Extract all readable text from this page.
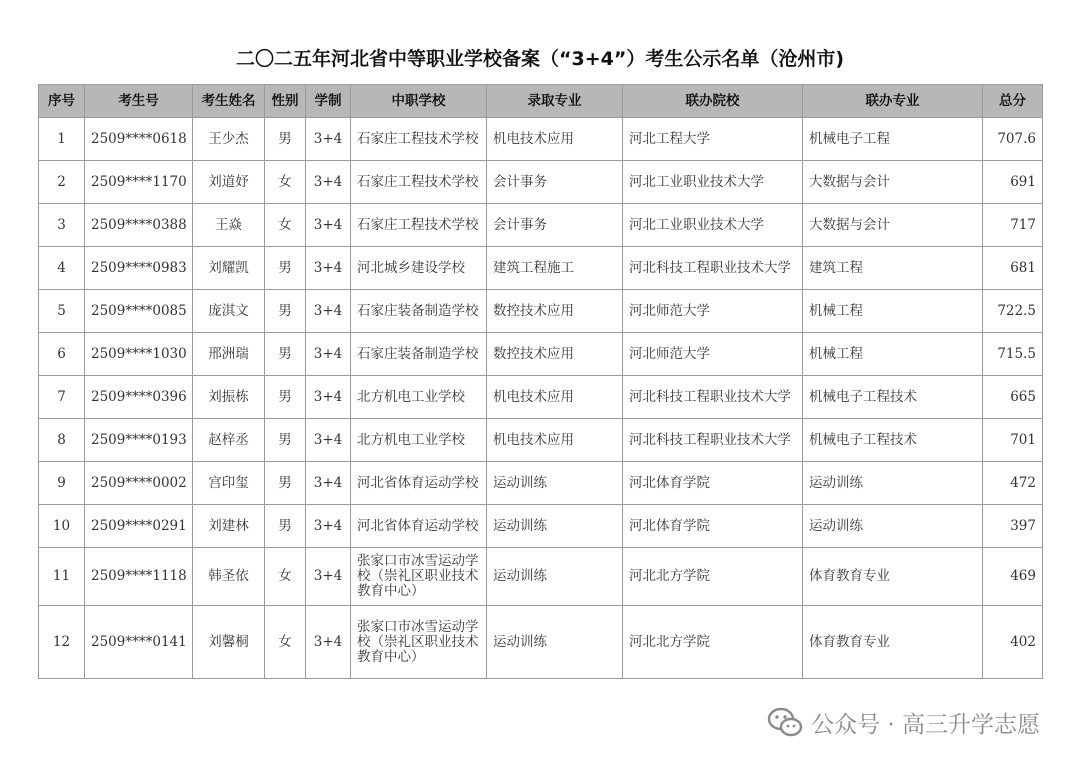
二〇二五年河北省中等职业学校备案（“3+4”）考生公示名单（沧州市)
序号	考生号	考生姓名	性别	学制	中职学校	录取专业	联办院校	联办专业	总分
1	2509****0618	王少杰	男	3+4	石家庄工程技术学校	机电技术应用	河北工程大学	机械电子工程	707.6
2	2509****1170	刘道妤	女	3+4	石家庄工程技术学校	会计事务	河北工业职业技术大学	大数据与会计	691
3	2509****0388	王焱	女	3+4	石家庄工程技术学校	会计事务	河北工业职业技术大学	大数据与会计	717
4	2509****0983	刘耀凯	男	3+4	河北城乡建设学校	建筑工程施工	河北科技工程职业技术大学	建筑工程	681
5	2509****0085	庞淇文	男	3+4	石家庄装备制造学校	数控技术应用	河北师范大学	机械工程	722.5
6	2509****1030	邢洲瑞	男	3+4	石家庄装备制造学校	数控技术应用	河北师范大学	机械工程	715.5
7	2509****0396	刘振栋	男	3+4	北方机电工业学校	机电技术应用	河北科技工程职业技术大学	机械电子工程技术	665
8	2509****0193	赵梓丞	男	3+4	北方机电工业学校	机电技术应用	河北科技工程职业技术大学	机械电子工程技术	701
9	2509****0002	宫印玺	男	3+4	河北省体育运动学校	运动训练	河北体育学院	运动训练	472
10	2509****0291	刘建林	男	3+4	河北省体育运动学校	运动训练	河北体育学院	运动训练	397
11	2509****1118	韩圣依	女	3+4	张家口市冰雪运动学校（崇礼区职业技术教育中心）	运动训练	河北北方学院	体育教育专业	469
12	2509****0141	刘馨桐	女	3+4	张家口市冰雪运动学校（崇礼区职业技术教育中心）	运动训练	河北北方学院	体育教育专业	402
公众号 · 高三升学志愿
